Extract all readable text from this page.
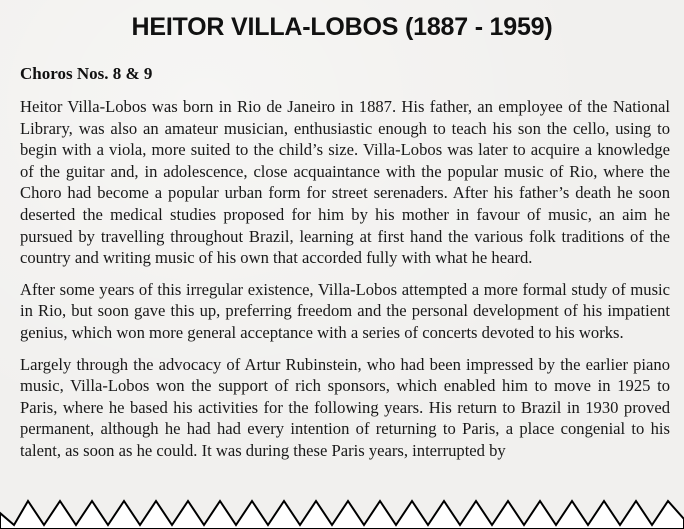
HEITOR VILLA-LOBOS (1887 - 1959)
Choros Nos. 8 & 9

Heitor Villa-Lobos was born in Rio de Janeiro in 1887. His father, an employee of the National Library, was also an amateur musician, enthusiastic enough to teach his son the cello, using to begin with a viola, more suited to the child’s size. Villa-Lobos was later to acquire a knowledge of the guitar and, in adolescence, close acquaintance with the popular music of Rio, where the Choro had become a popular urban form for street serenaders. After his father’s death he soon deserted the medical studies proposed for him by his mother in favour of music, an aim he pursued by travelling throughout Brazil, learning at first hand the various folk traditions of the country and writing music of his own that accorded fully with what he heard.

After some years of this irregular existence, Villa-Lobos attempted a more formal study of music in Rio, but soon gave this up, preferring freedom and the personal development of his impatient genius, which won more general acceptance with a series of concerts devoted to his works.

Largely through the advocacy of Artur Rubinstein, who had been impressed by the earlier piano music, Villa-Lobos won the support of rich sponsors, which enabled him to move in 1925 to Paris, where he based his activities for the following years. His return to Brazil in 1930 proved permanent, although he had had every intention of returning to Paris, a place congenial to his talent, as soon as he could. It was during these Paris years, interrupted by
